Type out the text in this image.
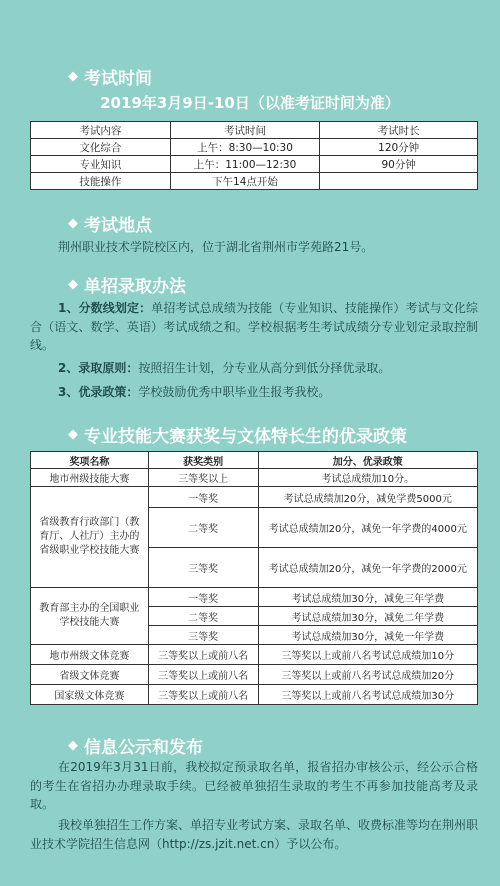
◆ 考试时间
2019年3月9日-10日（以准考证时间为准）
考试内容	考试时间	考试时长
文化综合	上午：8:30—10:30	120分钟
专业知识	上午：11:00—12:30	90分钟
技能操作	下午14点开始	
◆ 考试地点
荆州职业技术学院校区内，位于湖北省荆州市学苑路21号。
◆ 单招录取办法
1、分数线划定：单招考试总成绩为技能（专业知识、技能操作）考试与文化综合（语文、数学、英语）考试成绩之和。学校根据考生考试成绩分专业划定录取控制线。
2、录取原则：按照招生计划，分专业从高分到低分择优录取。
3、优录政策：学校鼓励优秀中职毕业生报考我校。
◆ 专业技能大赛获奖与文体特长生的优录政策
奖项名称	获奖类别	加分、优录政策
地市州级技能大赛	三等奖以上	考试总成绩加10分。
省级教育行政部门（教育厅、人社厅）主办的省级职业学校技能大赛	一等奖	考试总成绩加20分，减免学费5000元
	二等奖	考试总成绩加20分，减免一年学费的4000元
	三等奖	考试总成绩加20分，减免一年学费的2000元
教育部主办的全国职业学校技能大赛	一等奖	考试总成绩加30分，减免三年学费
	二等奖	考试总成绩加30分，减免二年学费
	三等奖	考试总成绩加30分，减免一年学费
地市州级文体竞赛	三等奖以上或前八名	三等奖以上或前八名考试总成绩加10分
省级文体竞赛	三等奖以上或前八名	三等奖以上或前八名考试总成绩加20分
国家级文体竞赛	三等奖以上或前八名	三等奖以上或前八名考试总成绩加30分
◆ 信息公示和发布
在2019年3月31日前，我校拟定预录取名单，报省招办审核公示，经公示合格的考生在省招办办理录取手续。已经被单独招生录取的考生不再参加技能高考及录取。
我校单独招生工作方案、单招专业考试方案、录取名单、收费标准等均在荆州职业技术学院招生信息网（http://zs.jzit.net.cn）予以公布。
